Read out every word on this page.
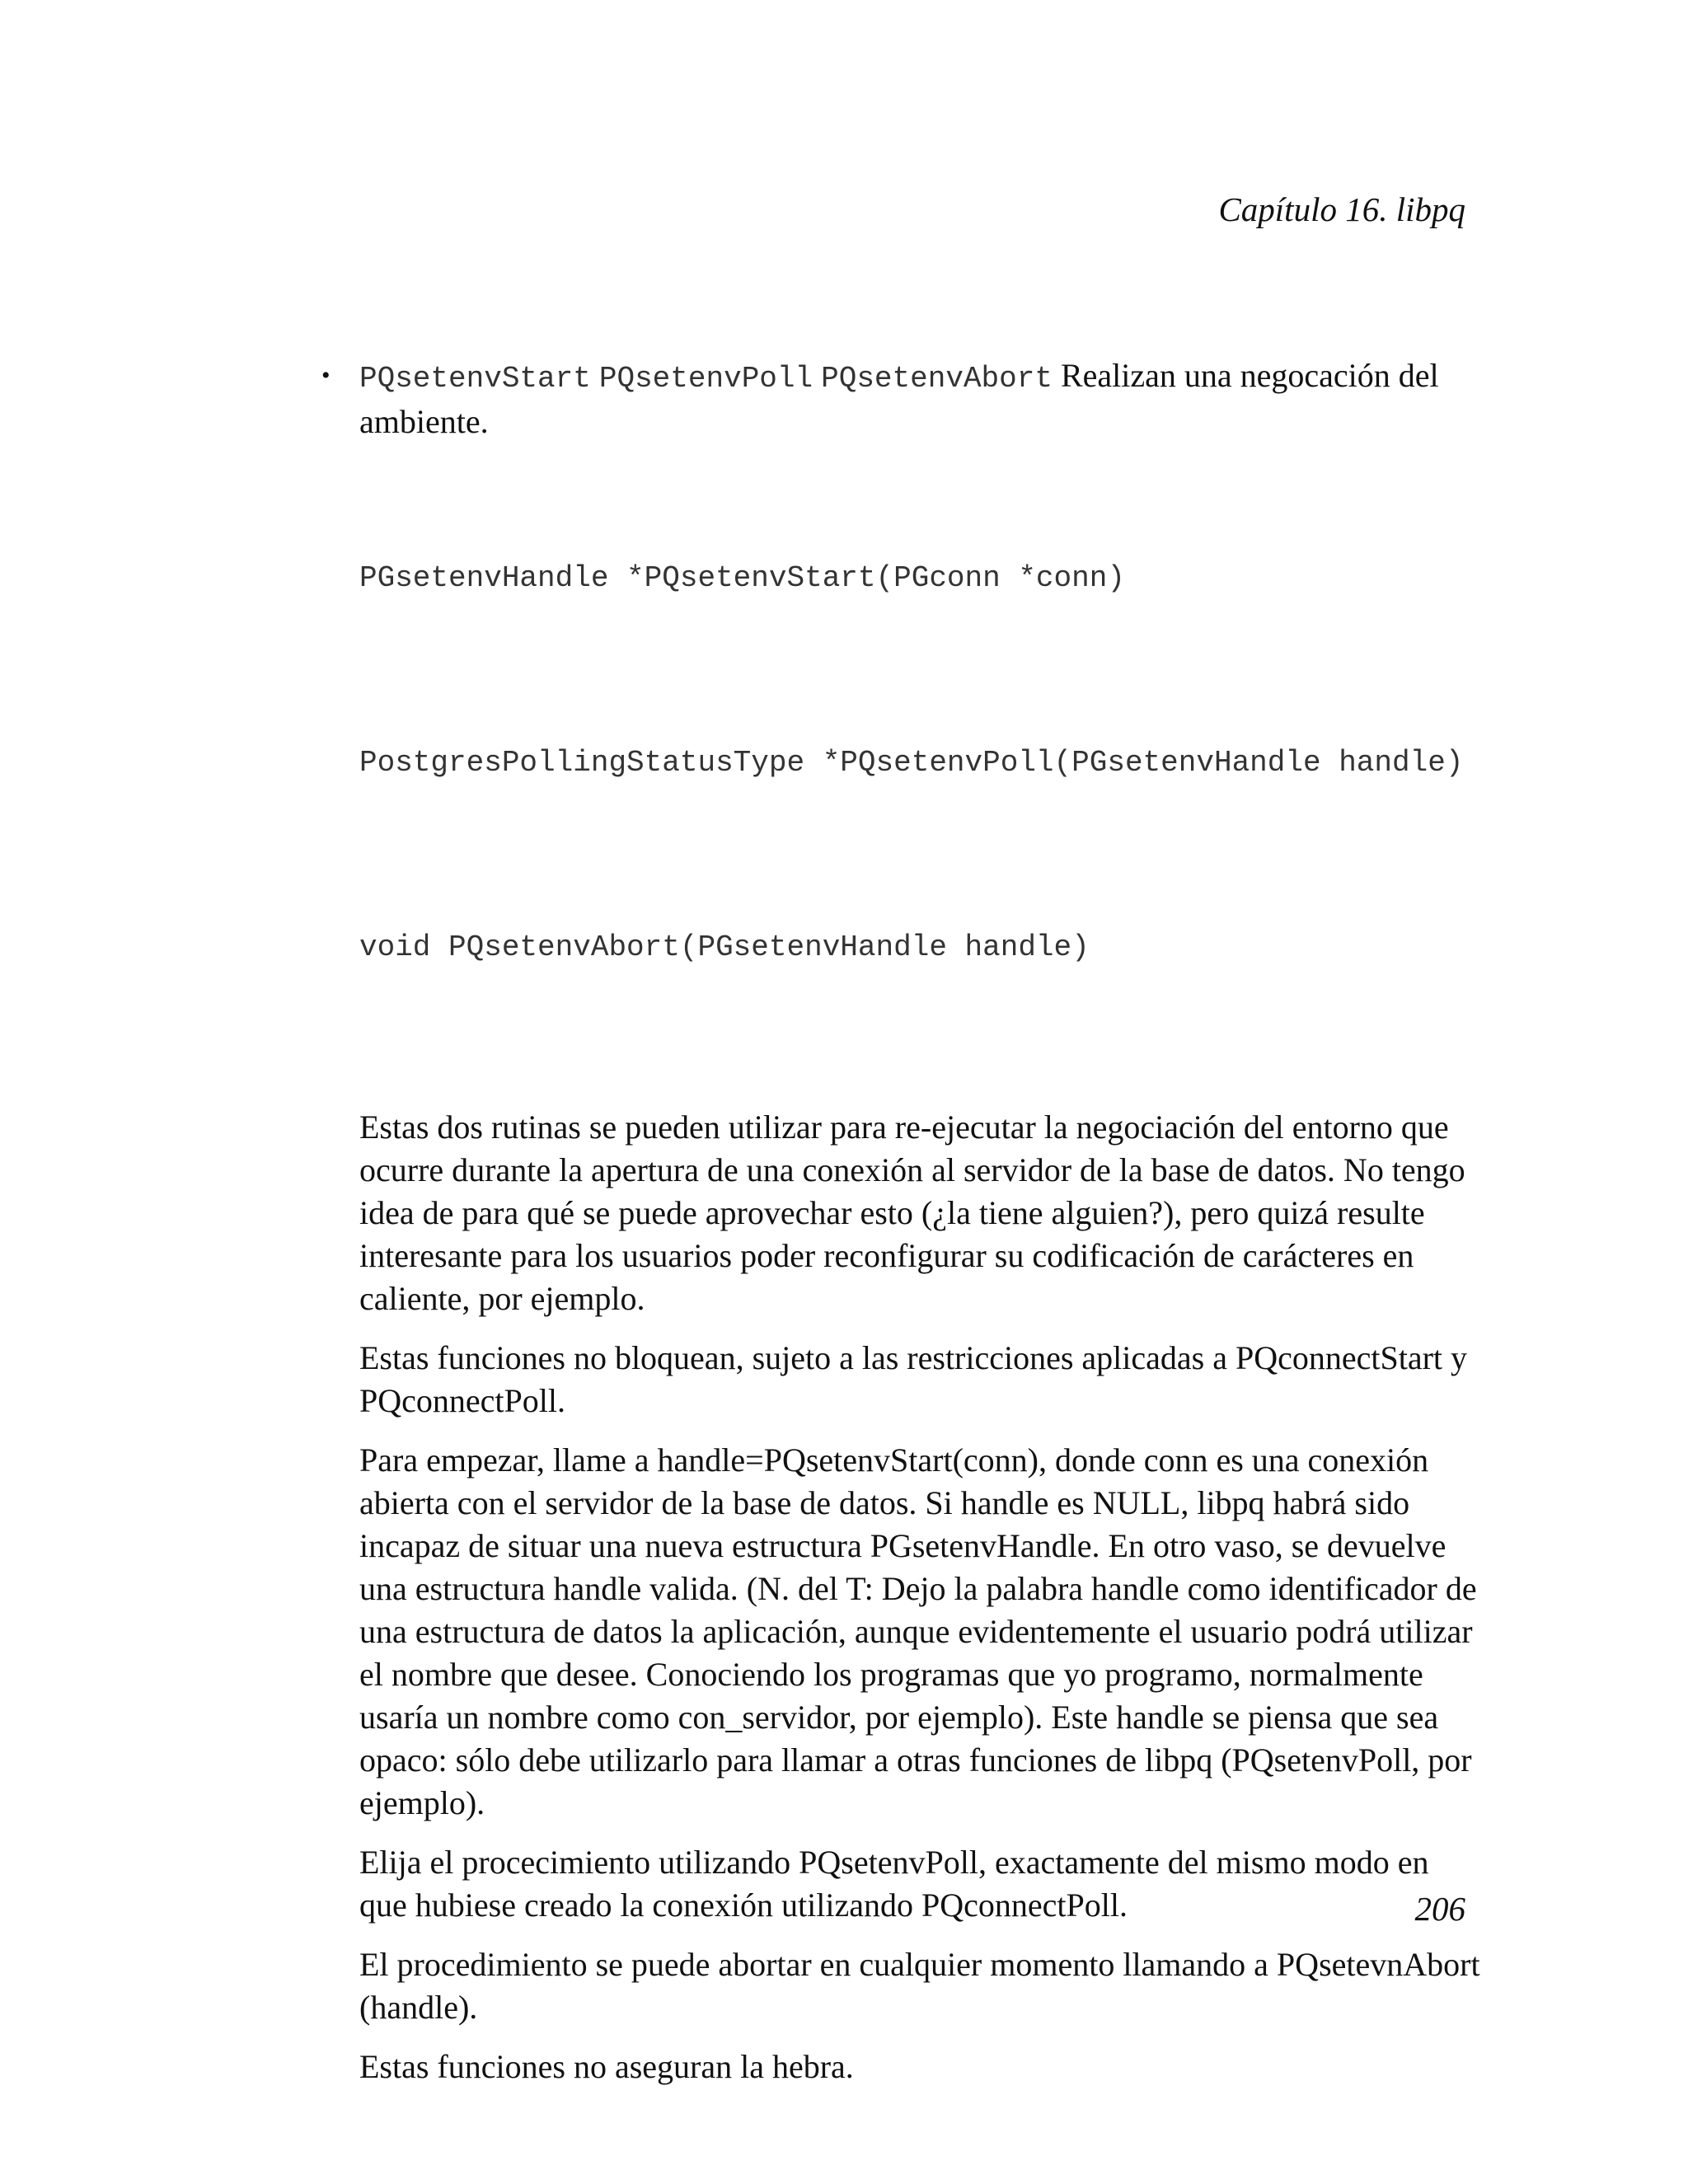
Capítulo 16. libpq
• PQsetenvStart PQsetenvPoll PQsetenvAbort Realizan una negocación del ambiente.

PGsetenvHandle *PQsetenvStart(PGconn *conn)

PostgresPollingStatusType *PQsetenvPoll(PGsetenvHandle handle)

void PQsetenvAbort(PGsetenvHandle handle)

Estas dos rutinas se pueden utilizar para re-ejecutar la negociación del entorno que ocurre durante la apertura de una conexión al servidor de la base de datos. No tengo idea de para qué se puede aprovechar esto (¿la tiene alguien?), pero quizá resulte interesante para los usuarios poder reconfigurar su codificación de carácteres en caliente, por ejemplo.

Estas funciones no bloquean, sujeto a las restricciones aplicadas a PQconnectStart y PQconnectPoll.

Para empezar, llame a handle=PQsetenvStart(conn), donde conn es una conexión abierta con el servidor de la base de datos. Si handle es NULL, libpq habrá sido incapaz de situar una nueva estructura PGsetenvHandle. En otro vaso, se devuelve una estructura handle valida. (N. del T: Dejo la palabra handle como identificador de una estructura de datos la aplicación, aunque evidentemente el usuario podrá utilizar el nombre que desee. Conociendo los programas que yo programo, normalmente usaría un nombre como con_servidor, por ejemplo). Este handle se piensa que sea opaco: sólo debe utilizarlo para llamar a otras funciones de libpq (PQsetenvPoll, por ejemplo).

Elija el procecimiento utilizando PQsetenvPoll, exactamente del mismo modo en que hubiese creado la conexión utilizando PQconnectPoll.

El procedimiento se puede abortar en cualquier momento llamando a PQsetevnAbort (handle).

Estas funciones no aseguran la hebra.

206
